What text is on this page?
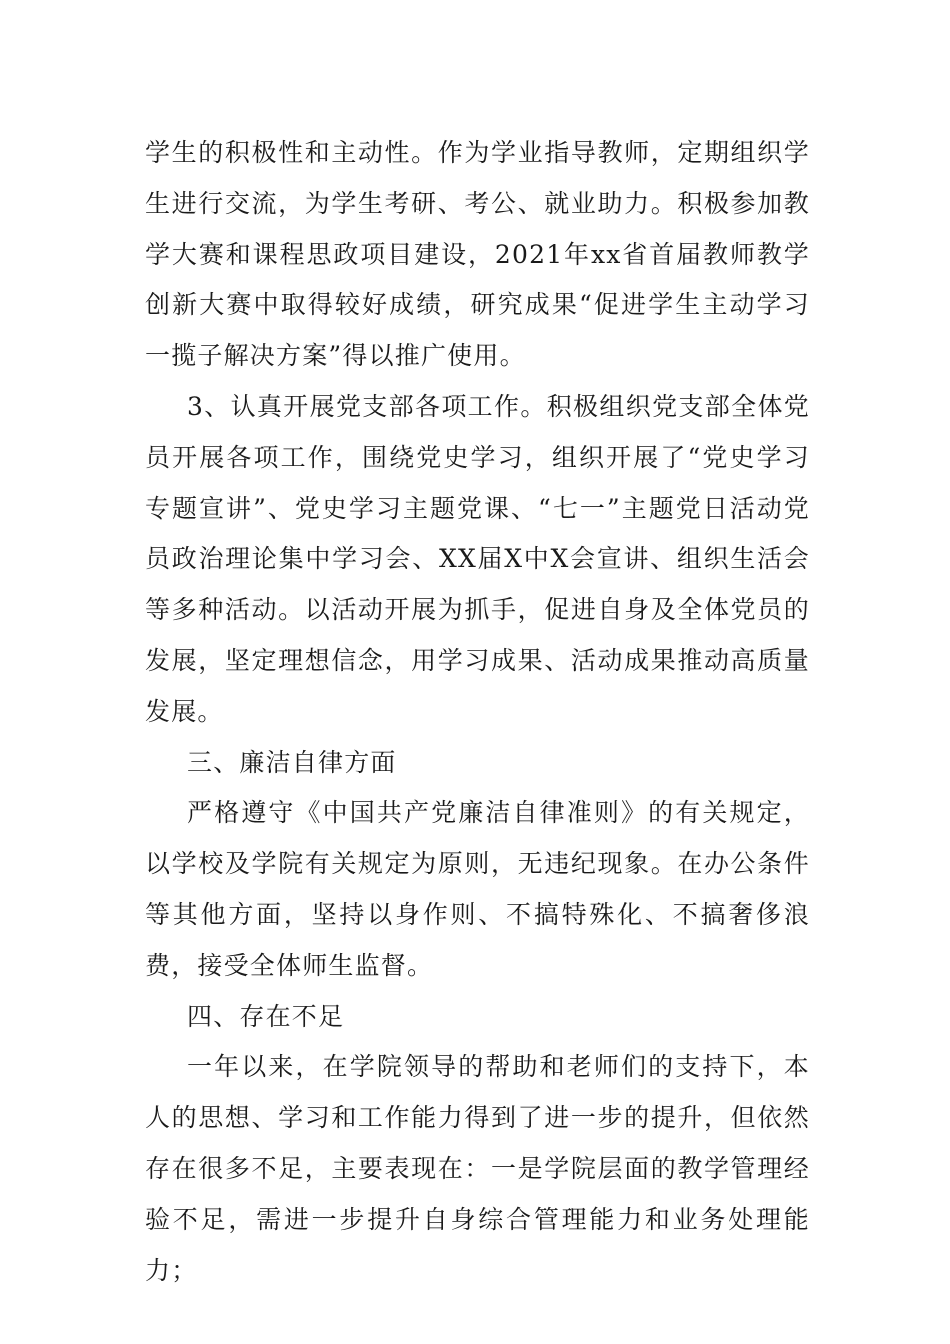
学生的积极性和主动性。作为学业指导教师，定期组织学生进行交流，为学生考研、考公、就业助力。积极参加教学大赛和课程思政项目建设，2021年xx省首届教师教学创新大赛中取得较好成绩，研究成果“促进学生主动学习一揽子解决方案”得以推广使用。

3、认真开展党支部各项工作。积极组织党支部全体党员开展各项工作，围绕党史学习，组织开展了“党史学习专题宣讲”、党史学习主题党课、“七一”主题党日活动党员政治理论集中学习会、XX届X中X会宣讲、组织生活会等多种活动。以活动开展为抓手，促进自身及全体党员的发展，坚定理想信念，用学习成果、活动成果推动高质量发展。

三、廉洁自律方面

严格遵守《中国共产党廉洁自律准则》的有关规定，以学校及学院有关规定为原则，无违纪现象。在办公条件等其他方面，坚持以身作则、不搞特殊化、不搞奢侈浪费，接受全体师生监督。

四、存在不足

一年以来，在学院领导的帮助和老师们的支持下，本人的思想、学习和工作能力得到了进一步的提升，但依然存在很多不足，主要表现在：一是学院层面的教学管理经验不足，需进一步提升自身综合管理能力和业务处理能力；
